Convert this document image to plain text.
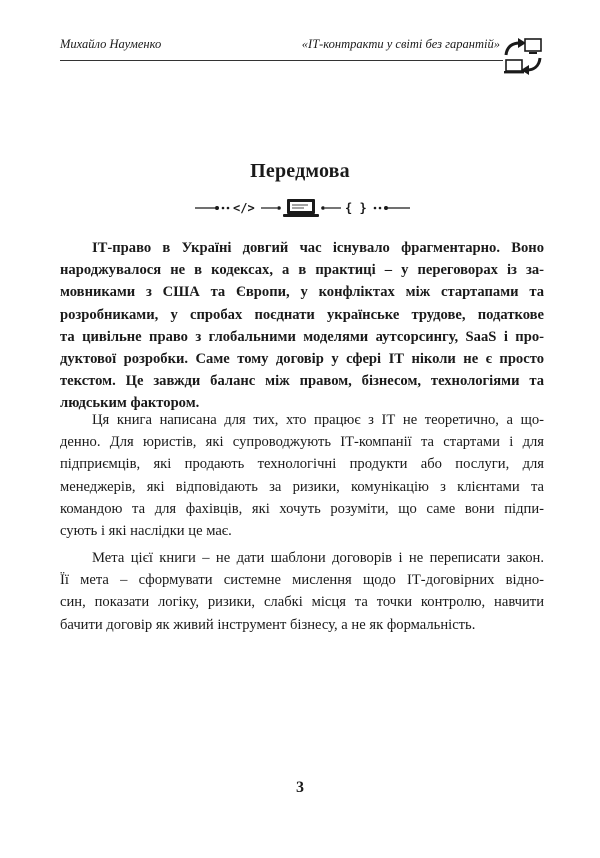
Михайло Науменко	«ІТ-контракти у світі без гарантій»
Передмова
</>	{ }
ІТ-право в Україні довгий час існувало фрагментарно. Воно
народжувалося не в кодексах, а в практиці – у переговорах із за-
мовниками з США та Європи, у конфліктах між стартапами та
розробниками, у спробах поєднати українське трудове, податкове
та цивільне право з глобальними моделями аутсорсингу, SaaS і про-
дуктової розробки. Саме тому договір у сфері ІТ ніколи не є просто
текстом. Це завжди баланс між правом, бізнесом, технологіями та
людським фактором.
Ця книга написана для тих, хто працює з ІТ не теоретично, а що-
денно. Для юристів, які супроводжують ІТ-компанії та стартами і для
підприємців, які продають технологічні продукти або послуги, для
менеджерів, які відповідають за ризики, комунікацію з клієнтами та
командою та для фахівців, які хочуть розуміти, що саме вони підпи-
сують і які наслідки це має.
Мета цієї книги – не дати шаблони договорів і не переписати закон.
Її мета – сформувати системне мислення щодо ІТ-договірних відно-
син, показати логіку, ризики, слабкі місця та точки контролю, навчити
бачити договір як живий інструмент бізнесу, а не як формальність.
3
